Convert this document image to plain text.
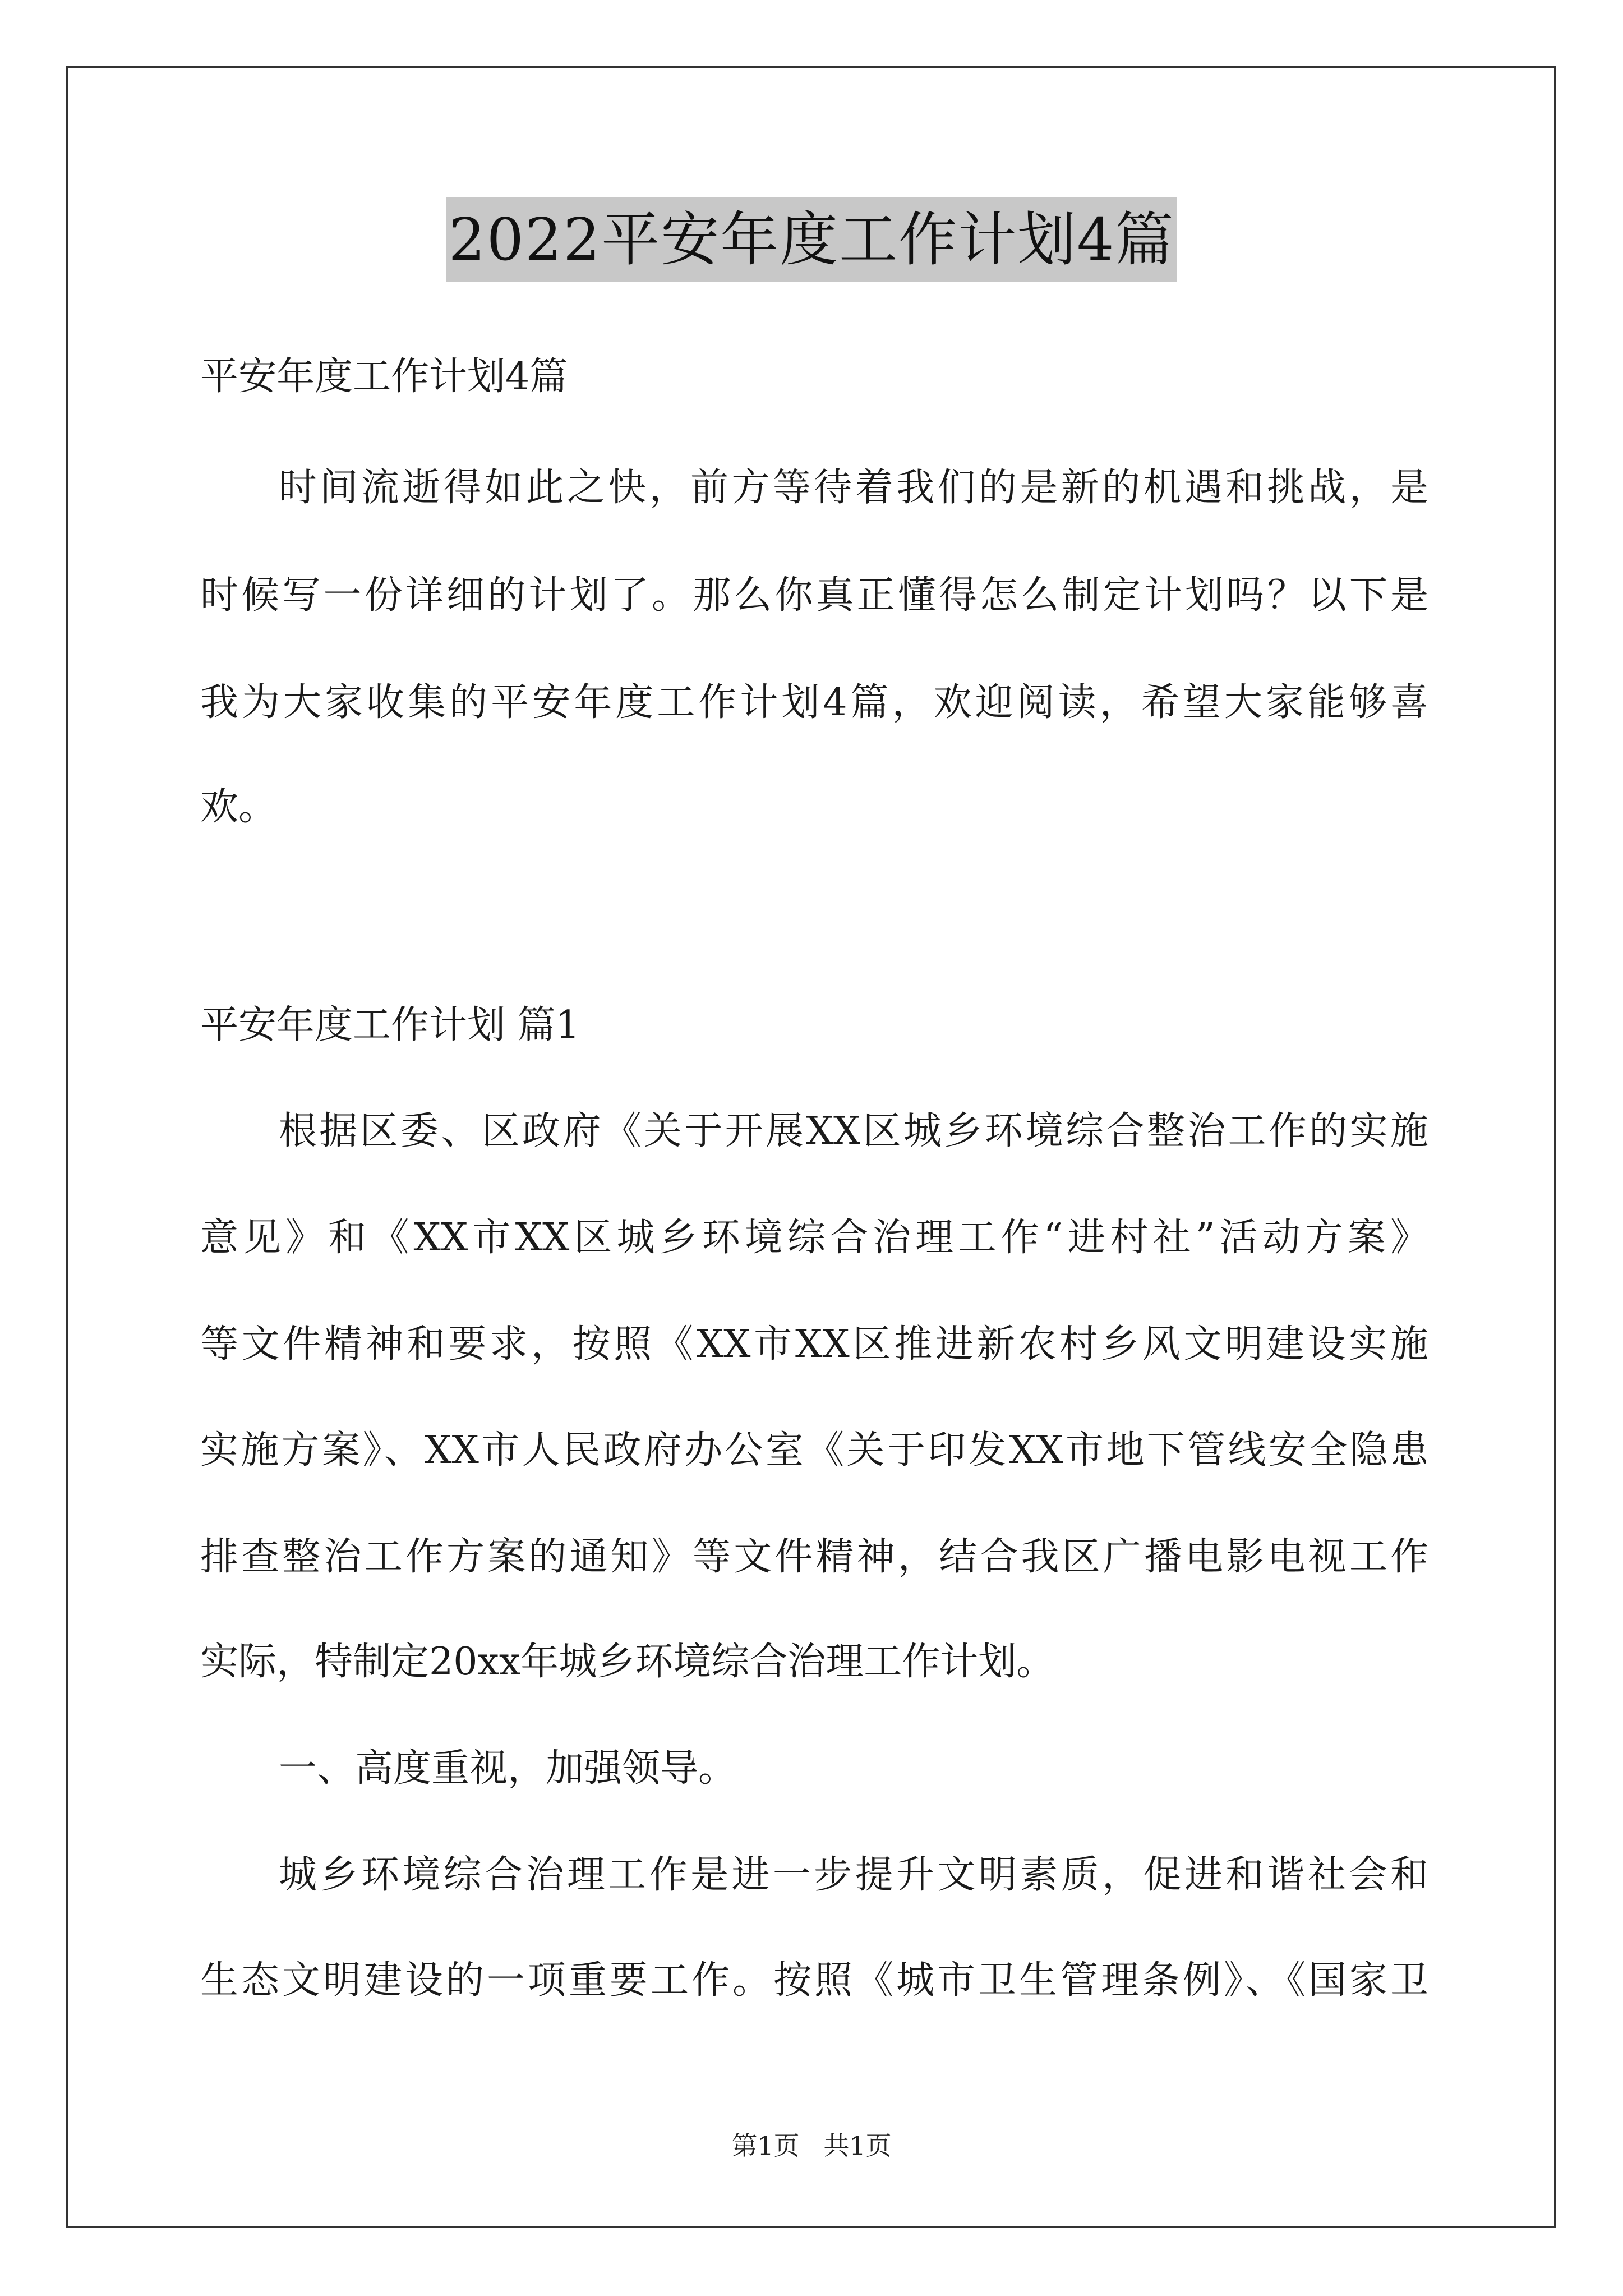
2022平安年度工作计划4篇
平安年度工作计划4篇
时间流逝得如此之快，前方等待着我们的是新的机遇和挑战，是
时候写一份详细的计划了。那么你真正懂得怎么制定计划吗？以下是
我为大家收集的平安年度工作计划4篇，欢迎阅读，希望大家能够喜
欢。
平安年度工作计划 篇1
根据区委、区政府《关于开展XX区城乡环境综合整治工作的实施
意见》和《XX市XX区城乡环境综合治理工作“进村社”活动方案》
等文件精神和要求，按照《XX市XX区推进新农村乡风文明建设实施
实施方案》、XX市人民政府办公室《关于印发XX市地下管线安全隐患
排查整治工作方案的通知》等文件精神，结合我区广播电影电视工作
实际，特制定20xx年城乡环境综合治理工作计划。
一、高度重视，加强领导。
城乡环境综合治理工作是进一步提升文明素质，促进和谐社会和
生态文明建设的一项重要工作。按照《城市卫生管理条例》、《国家卫
第1页 共1页
